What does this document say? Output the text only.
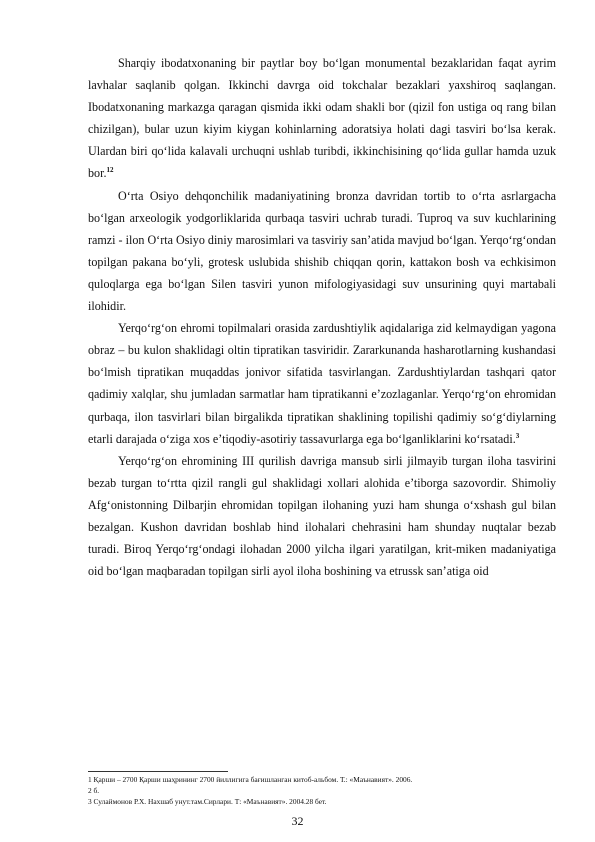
Sharqiy ibodatxonaning bir paytlar boy bo‘lgan monumental bezaklaridan faqat ayrim lavhalar saqlanib qolgan. Ikkinchi davrga oid tokchalar bezaklari yaxshiroq saqlangan. Ibodatxonaning markazga qaragan qismida ikki odam shakli bor (qizil fon ustiga oq rang bilan chizilgan), bular uzun kiyim kiygan kohinlarning adoratsiya holati dagi tasviri bo‘lsa kerak. Ulardan biri qo‘lida kalavali urchuqni ushlab turibdi, ikkinchisining qo‘lida gullar hamda uzuk bor.$^{12}$

O‘rta Osiyo dehqonchilik madaniyatining bronza davridan tortib to o‘rta asrlargacha bo‘lgan arxeologik yodgorliklarida qurbaqa tasviri uchrab turadi. Tuproq va suv kuchlarining ramzi - ilon O‘rta Osiyo diniy marosimlari va tasviriy san’atida mavjud bo‘lgan. Yerqo‘rg‘ondan topilgan pakana bo‘yli, grotesk uslubida shishib chiqqan qorin, kattakon bosh va echkisimon quloqlarga ega bo‘lgan Silen tasviri yunon mifologiyasidagi suv unsurining quyi martabali ilohidir.

Yerqo‘rg‘on ehromi topilmalari orasida zardushtiylik aqidalariga zid kelmaydigan yagona obraz – bu kulon shaklidagi oltin tipratikan tasviridir. Zararkunanda hasharotlarning kushandasi bo‘lmish tipratikan muqaddas jonivor sifatida tasvirlangan. Zardushtiylardan tashqari qator qadimiy xalqlar, shu jumladan sarmatlar ham tipratikanni e’zozlaganlar. Yerqo‘rg‘on ehromidan qurbaqa, ilon tasvirlari bilan birgalikda tipratikan shaklining topilishi qadimiy so‘g‘diylarning etarli darajada o‘ziga xos e’tiqodiy-asotiriy tassavurlarga ega bo‘lganliklarini ko‘rsatadi.$^3$

Yerqo‘rg‘on ehromining III qurilish davriga mansub sirli jilmayib turgan iloha tasvirini bezab turgan to‘rtta qizil rangli gul shaklidagi xollari alohida e’tiborga sazovordir. Shimoliy Afg‘onistonning Dilbarjin ehromidan topilgan ilohaning yuzi ham shunga o‘xshash gul bilan bezalgan. Kushon davridan boshlab hind ilohalari chehrasini ham shunday nuqtalar bezab turadi. Biroq Yerqo‘rg‘ondagi ilohadan 2000 yilcha ilgari yaratilgan, krit-miken madaniyatiga oid bo‘lgan maqbaradan topilgan sirli ayol iloha boshining va etrussk san’atiga oid

1 Қарши – 2700 Қарши шаҳрининг 2700 йиллигига бағишланган китоб-альбом. Т.: «Маънавият». 2006.

2 б.

3 Сулаймонов Р.Х. Нахшаб унут.там.Сирлари. Т: «Маънавият». 2004.28 бет.

32
